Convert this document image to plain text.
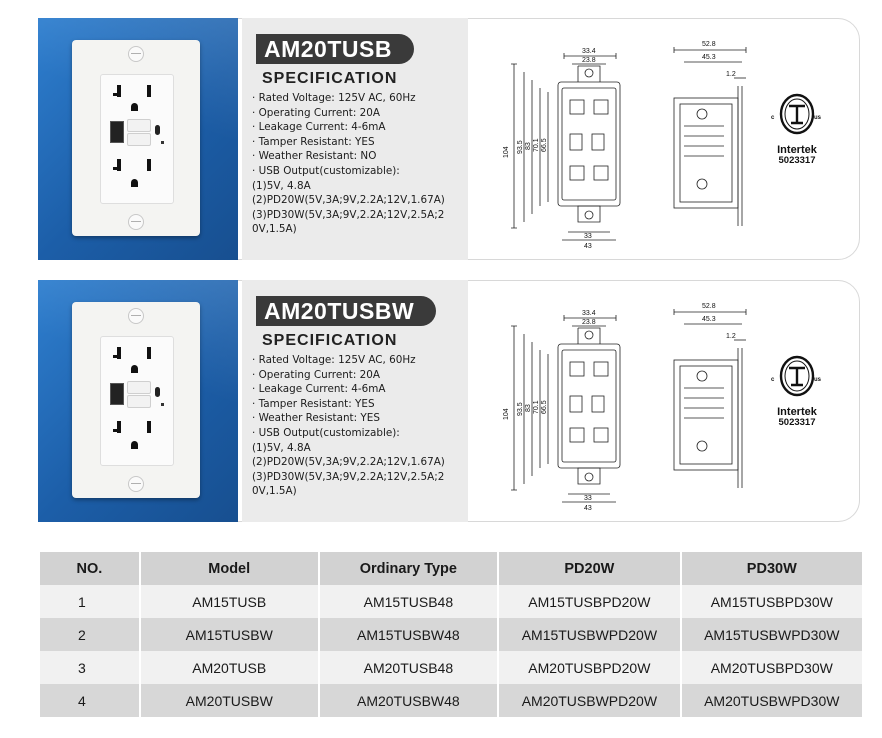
AM20TUSB
SPECIFICATION
· Rated Voltage: 125V AC, 60Hz
· Operating Current: 20A
· Leakage Current: 4-6mA
· Tamper Resistant: YES
· Weather Resistant: NO
· USB Output(customizable):
(1)5V, 4.8A
(2)PD20W(5V,3A;9V,2.2A;12V,1.67A)
(3)PD30W(5V,3A;9V,2.2A;12V,2.5A;2
0V,1.5A)
33.4
23.8
104 93.5 83 70.1 66.5
33
43
52.8
45.3
1.2
c	us
Intertek
5023317
AM20TUSBW
SPECIFICATION
· Rated Voltage: 125V AC, 60Hz
· Operating Current: 20A
· Leakage Current: 4-6mA
· Tamper Resistant: YES
· Weather Resistant: YES
· USB Output(customizable):
(1)5V, 4.8A
(2)PD20W(5V,3A;9V,2.2A;12V,1.67A)
(3)PD30W(5V,3A;9V,2.2A;12V,2.5A;2
0V,1.5A)
33.4
23.8
104 93.5 83 70.1 66.5
33
43
52.8
45.3
1.2
c	us
Intertek
5023317
NO.	Model	Ordinary Type	PD20W	PD30W
1	AM15TUSB	AM15TUSB48	AM15TUSBPD20W	AM15TUSBPD30W
2	AM15TUSBW	AM15TUSBW48	AM15TUSBWPD20W	AM15TUSBWPD30W
3	AM20TUSB	AM20TUSB48	AM20TUSBPD20W	AM20TUSBPD30W
4	AM20TUSBW	AM20TUSBW48	AM20TUSBWPD20W	AM20TUSBWPD30W
